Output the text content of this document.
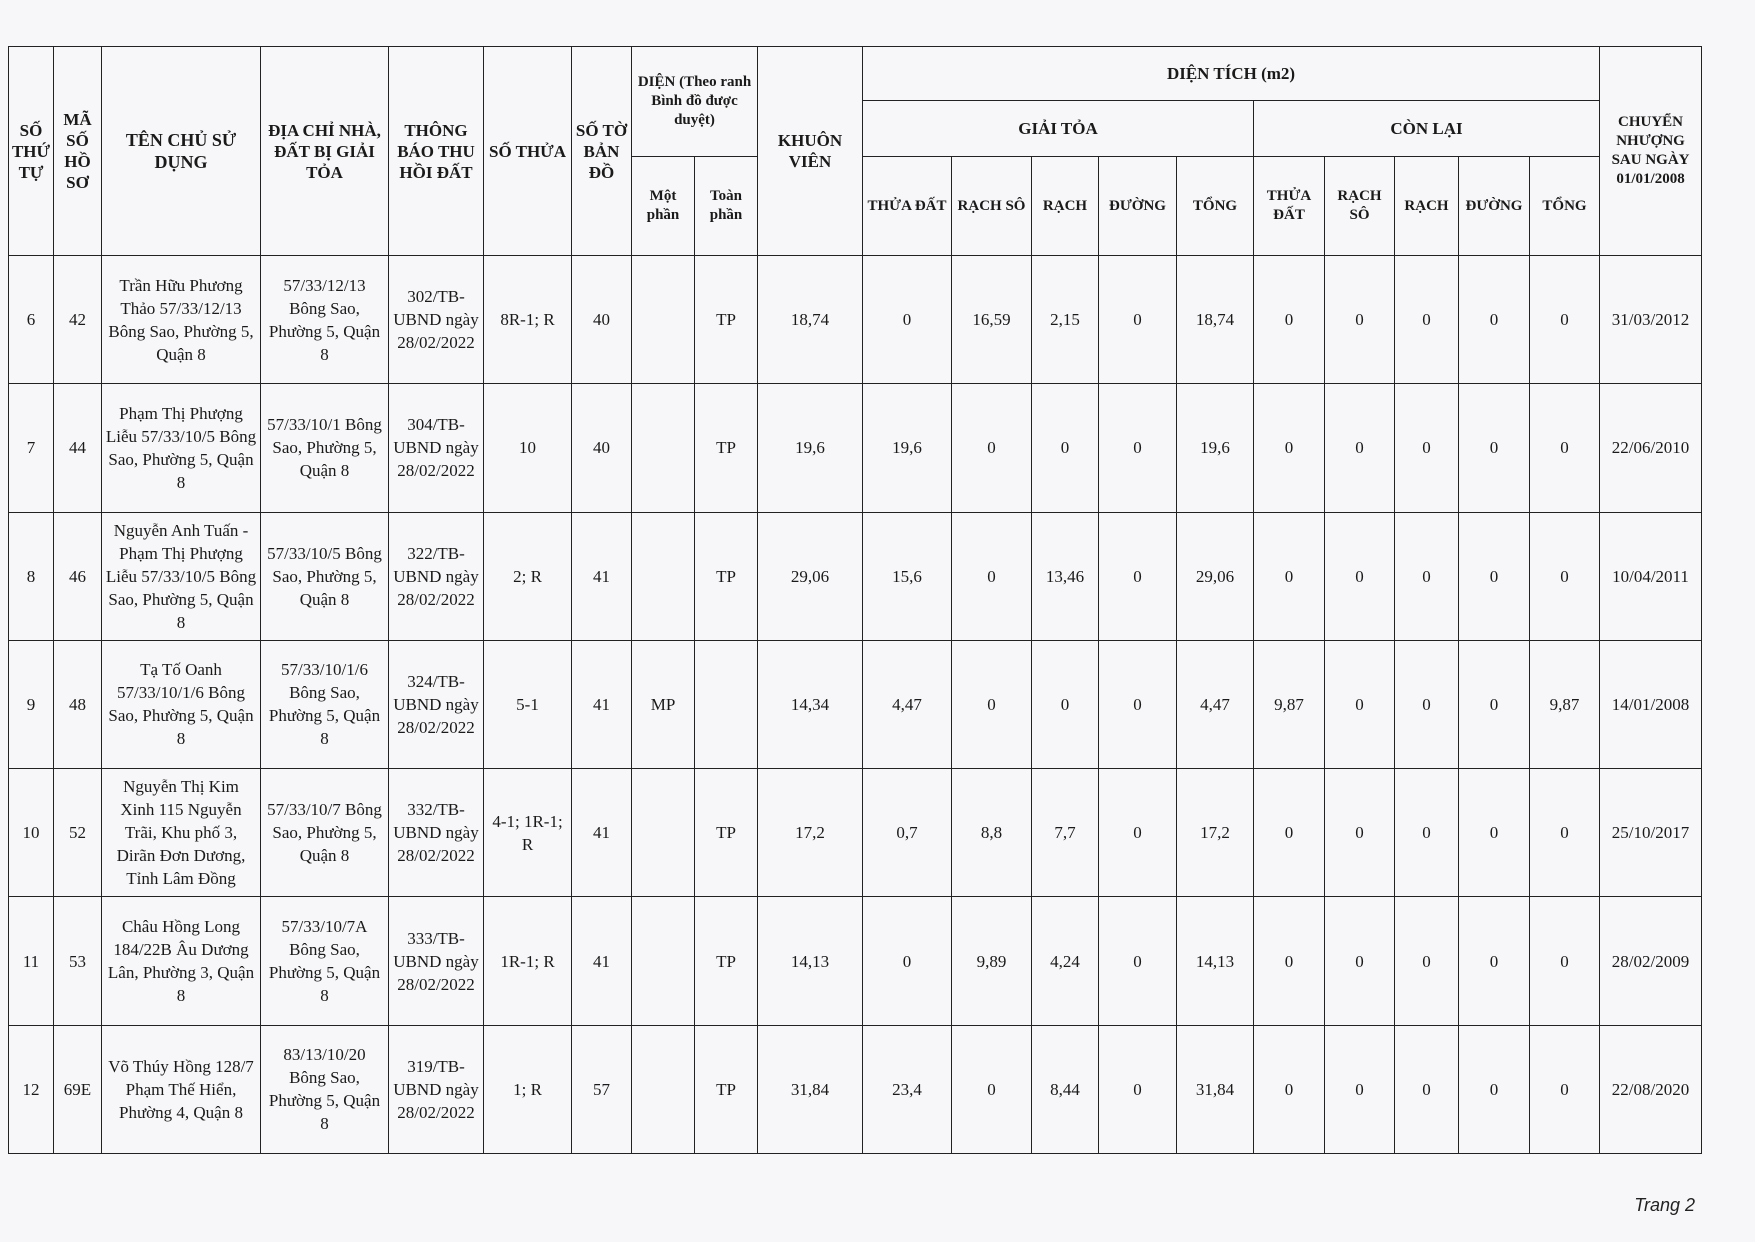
SỐ THỨ TỰ	MÃ SỐ HỒ SƠ	TÊN CHỦ SỬ DỤNG	ĐỊA CHỈ NHÀ, ĐẤT BỊ GIẢI TỎA	THÔNG BÁO THU HỒI ĐẤT	SỐ THỬA	SỐ TỜ BẢN ĐỒ	DIỆN (Theo ranh Bình đồ được duyệt)		KHUÔN VIÊN	DIỆN TÍCH (m2)										CHUYỂN NHƯỢNG SAU NGÀY 01/01/2008
										GIẢI TỎA					CÒN LẠI					
							Một phần	Toàn phần		THỬA ĐẤT	RẠCH SÔ	RẠCH	ĐƯỜNG	TỔNG	THỬA ĐẤT	RẠCH SÔ	RẠCH	ĐƯỜNG	TỔNG	
6	42	Trần Hữu Phương Thảo 57/33/12/13 Bông Sao, Phường 5, Quận 8	57/33/12/13 Bông Sao, Phường 5, Quận 8	302/TB-UBND ngày 28/02/2022	8R-1; R	40		TP	18,74	0	16,59	2,15	0	18,74	0	0	0	0	0	31/03/2012
7	44	Phạm Thị Phượng Liễu 57/33/10/5 Bông Sao, Phường 5, Quận 8	57/33/10/1 Bông Sao, Phường 5, Quận 8	304/TB-UBND ngày 28/02/2022	10	40		TP	19,6	19,6	0	0	0	19,6	0	0	0	0	0	22/06/2010
8	46	Nguyễn Anh Tuấn - Phạm Thị Phượng Liễu 57/33/10/5 Bông Sao, Phường 5, Quận 8	57/33/10/5 Bông Sao, Phường 5, Quận 8	322/TB-UBND ngày 28/02/2022	2; R	41		TP	29,06	15,6	0	13,46	0	29,06	0	0	0	0	0	10/04/2011
9	48	Tạ Tố Oanh 57/33/10/1/6 Bông Sao, Phường 5, Quận 8	57/33/10/1/6 Bông Sao, Phường 5, Quận 8	324/TB-UBND ngày 28/02/2022	5-1	41	MP		14,34	4,47	0	0	0	4,47	9,87	0	0	0	9,87	14/01/2008
10	52	Nguyễn Thị Kim Xinh 115 Nguyễn Trãi, Khu phố 3, Dirãn Đơn Dương, Tỉnh Lâm Đồng	57/33/10/7 Bông Sao, Phường 5, Quận 8	332/TB-UBND ngày 28/02/2022	4-1; 1R-1; R	41		TP	17,2	0,7	8,8	7,7	0	17,2	0	0	0	0	0	25/10/2017
11	53	Châu Hồng Long 184/22B Âu Dương Lân, Phường 3, Quận 8	57/33/10/7A Bông Sao, Phường 5, Quận 8	333/TB-UBND ngày 28/02/2022	1R-1; R	41		TP	14,13	0	9,89	4,24	0	14,13	0	0	0	0	0	28/02/2009
12	69E	Võ Thúy Hồng 128/7 Phạm Thế Hiển, Phường 4, Quận 8	83/13/10/20 Bông Sao, Phường 5, Quận 8	319/TB-UBND ngày 28/02/2022	1; R	57		TP	31,84	23,4	0	8,44	0	31,84	0	0	0	0	0	22/08/2020
Trang 2
